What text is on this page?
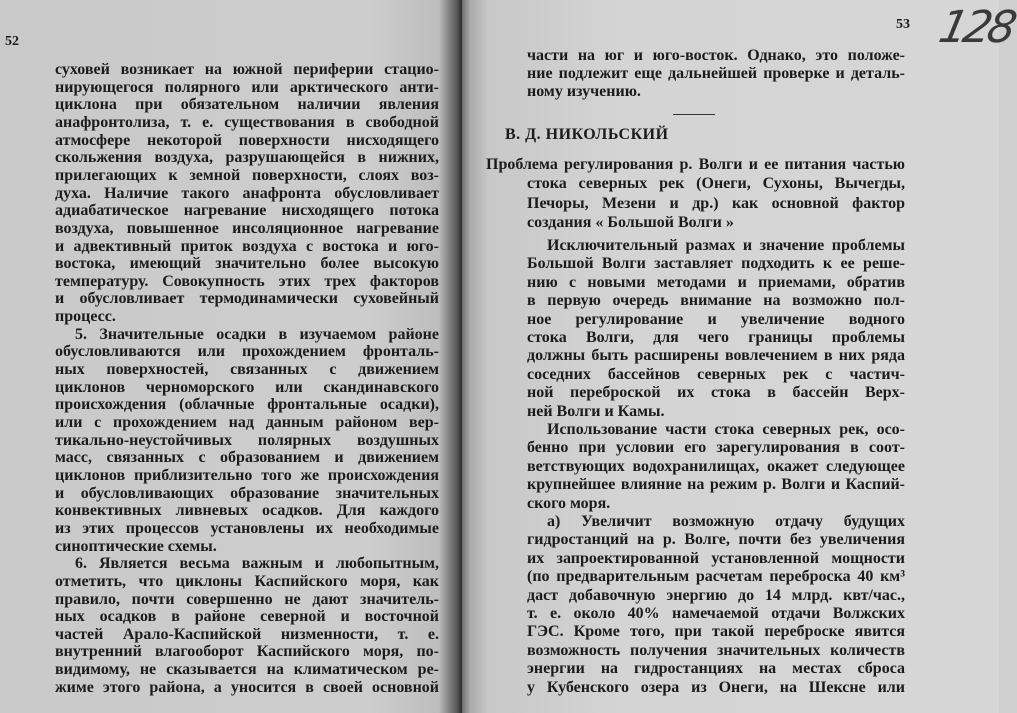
52
суховей возникает на южной периферии стацио-
нирующегося полярного или арктического анти-
циклона при обязательном наличии явления
анафронтолиза, т. е. существования в свободной
атмосфере некоторой поверхности нисходящего
скольжения воздуха, разрушающейся в нижних,
прилегающих к земной поверхности, слоях воз-
духа. Наличие такого анафронта обусловливает
адиабатическое нагревание нисходящего потока
воздуха, повышенное инсоляционное нагревание
и адвективный приток воздуха с востока и юго-
востока, имеющий значительно более высокую
температуру. Совокупность этих трех факторов
и обусловливает термодинамически суховейный
процесс.
5. Значительные осадки в изучаемом районе
обусловливаются или прохождением фронталь-
ных поверхностей, связанных с движением
циклонов черноморского или скандинавского
происхождения (облачные фронтальные осадки),
или с прохождением над данным районом вер-
тикально-неустойчивых полярных воздушных
масс, связанных с образованием и движением
циклонов приблизительно того же происхождения
и обусловливающих образование значительных
конвективных ливневых осадков. Для каждого
из этих процессов установлены их необходимые
синоптические схемы.
6. Является весьма важным и любопытным,
отметить, что циклоны Каспийского моря, как
правило, почти совершенно не дают значитель-
ных осадков в районе северной и восточной
частей Арало-Каспийской низменности, т. е.
внутренний влагооборот Каспийского моря, по-
видимому, не сказывается на климатическом ре-
жиме этого района, а уносится в своей основной
53 128
части на юг и юго-восток. Однако, это положе-
ние подлежит еще дальнейшей проверке и деталь-
ному изучению.
В. Д. НИКОЛЬСКИЙ
Проблема регулирования р. Волги и ее питания частью
стока северных рек (Онеги, Сухоны, Вычегды,
Печоры, Мезени и др.) как основной фактор
создания « Большой Волги »
Исключительный размах и значение проблемы
Большой Волги заставляет подходить к ее реше-
нию с новыми методами и приемами, обратив
в первую очередь внимание на возможно пол-
ное регулирование и увеличение водного
стока Волги, для чего границы проблемы
должны быть расширены вовлечением в них ряда
соседних бассейнов северных рек с частич-
ной переброской их стока в бассейн Верх-
ней Волги и Камы.
Использование части стока северных рек, осо-
бенно при условии его зарегулирования в соот-
ветствующих водохранилищах, окажет следующее
крупнейшее влияние на режим р. Волги и Каспий-
ского моря.
а) Увеличит возможную отдачу будущих
гидростанций на р. Волге, почти без увеличения
их запроектированной установленной мощности
(по предварительным расчетам переброска 40 км³
даст добавочную энергию до 14 млрд. квт/час.,
т. е. около 40% намечаемой отдачи Волжских
ГЭС. Кроме того, при такой переброске явится
возможность получения значительных количеств
энергии на гидростанциях на местах сброса
у Кубенского озера из Онеги, на Шексне или
